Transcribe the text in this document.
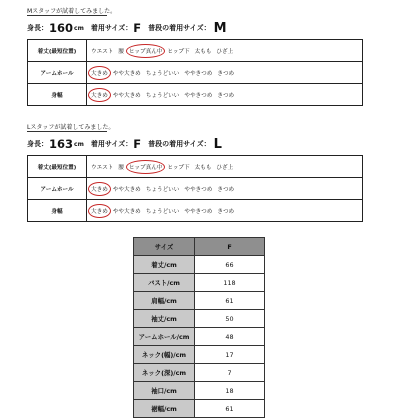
Mスタッフが試着してみました。
身長： 160 cm 着用サイズ： F 普段の着用サイズ： M
着丈(最短位置)	ウエスト 腰 ヒップ真ん中 ヒップ下 太もも ひざ上
アームホール	大きめ やや大きめ ちょうどいい ややきつめ きつめ
身幅	大きめ やや大きめ ちょうどいい ややきつめ きつめ
Lスタッフが試着してみました。
身長： 163 cm 着用サイズ： F 普段の着用サイズ： L
着丈(最短位置)	ウエスト 腰 ヒップ真ん中 ヒップ下 太もも ひざ上
アームホール	大きめ やや大きめ ちょうどいい ややきつめ きつめ
身幅	大きめ やや大きめ ちょうどいい ややきつめ きつめ
サイズ	F
着丈/cm	66
バスト/cm	118
肩幅/cm	61
袖丈/cm	50
アームホール/cm	48
ネック(幅)/cm	17
ネック(深)/cm	7
袖口/cm	18
裾幅/cm	61
